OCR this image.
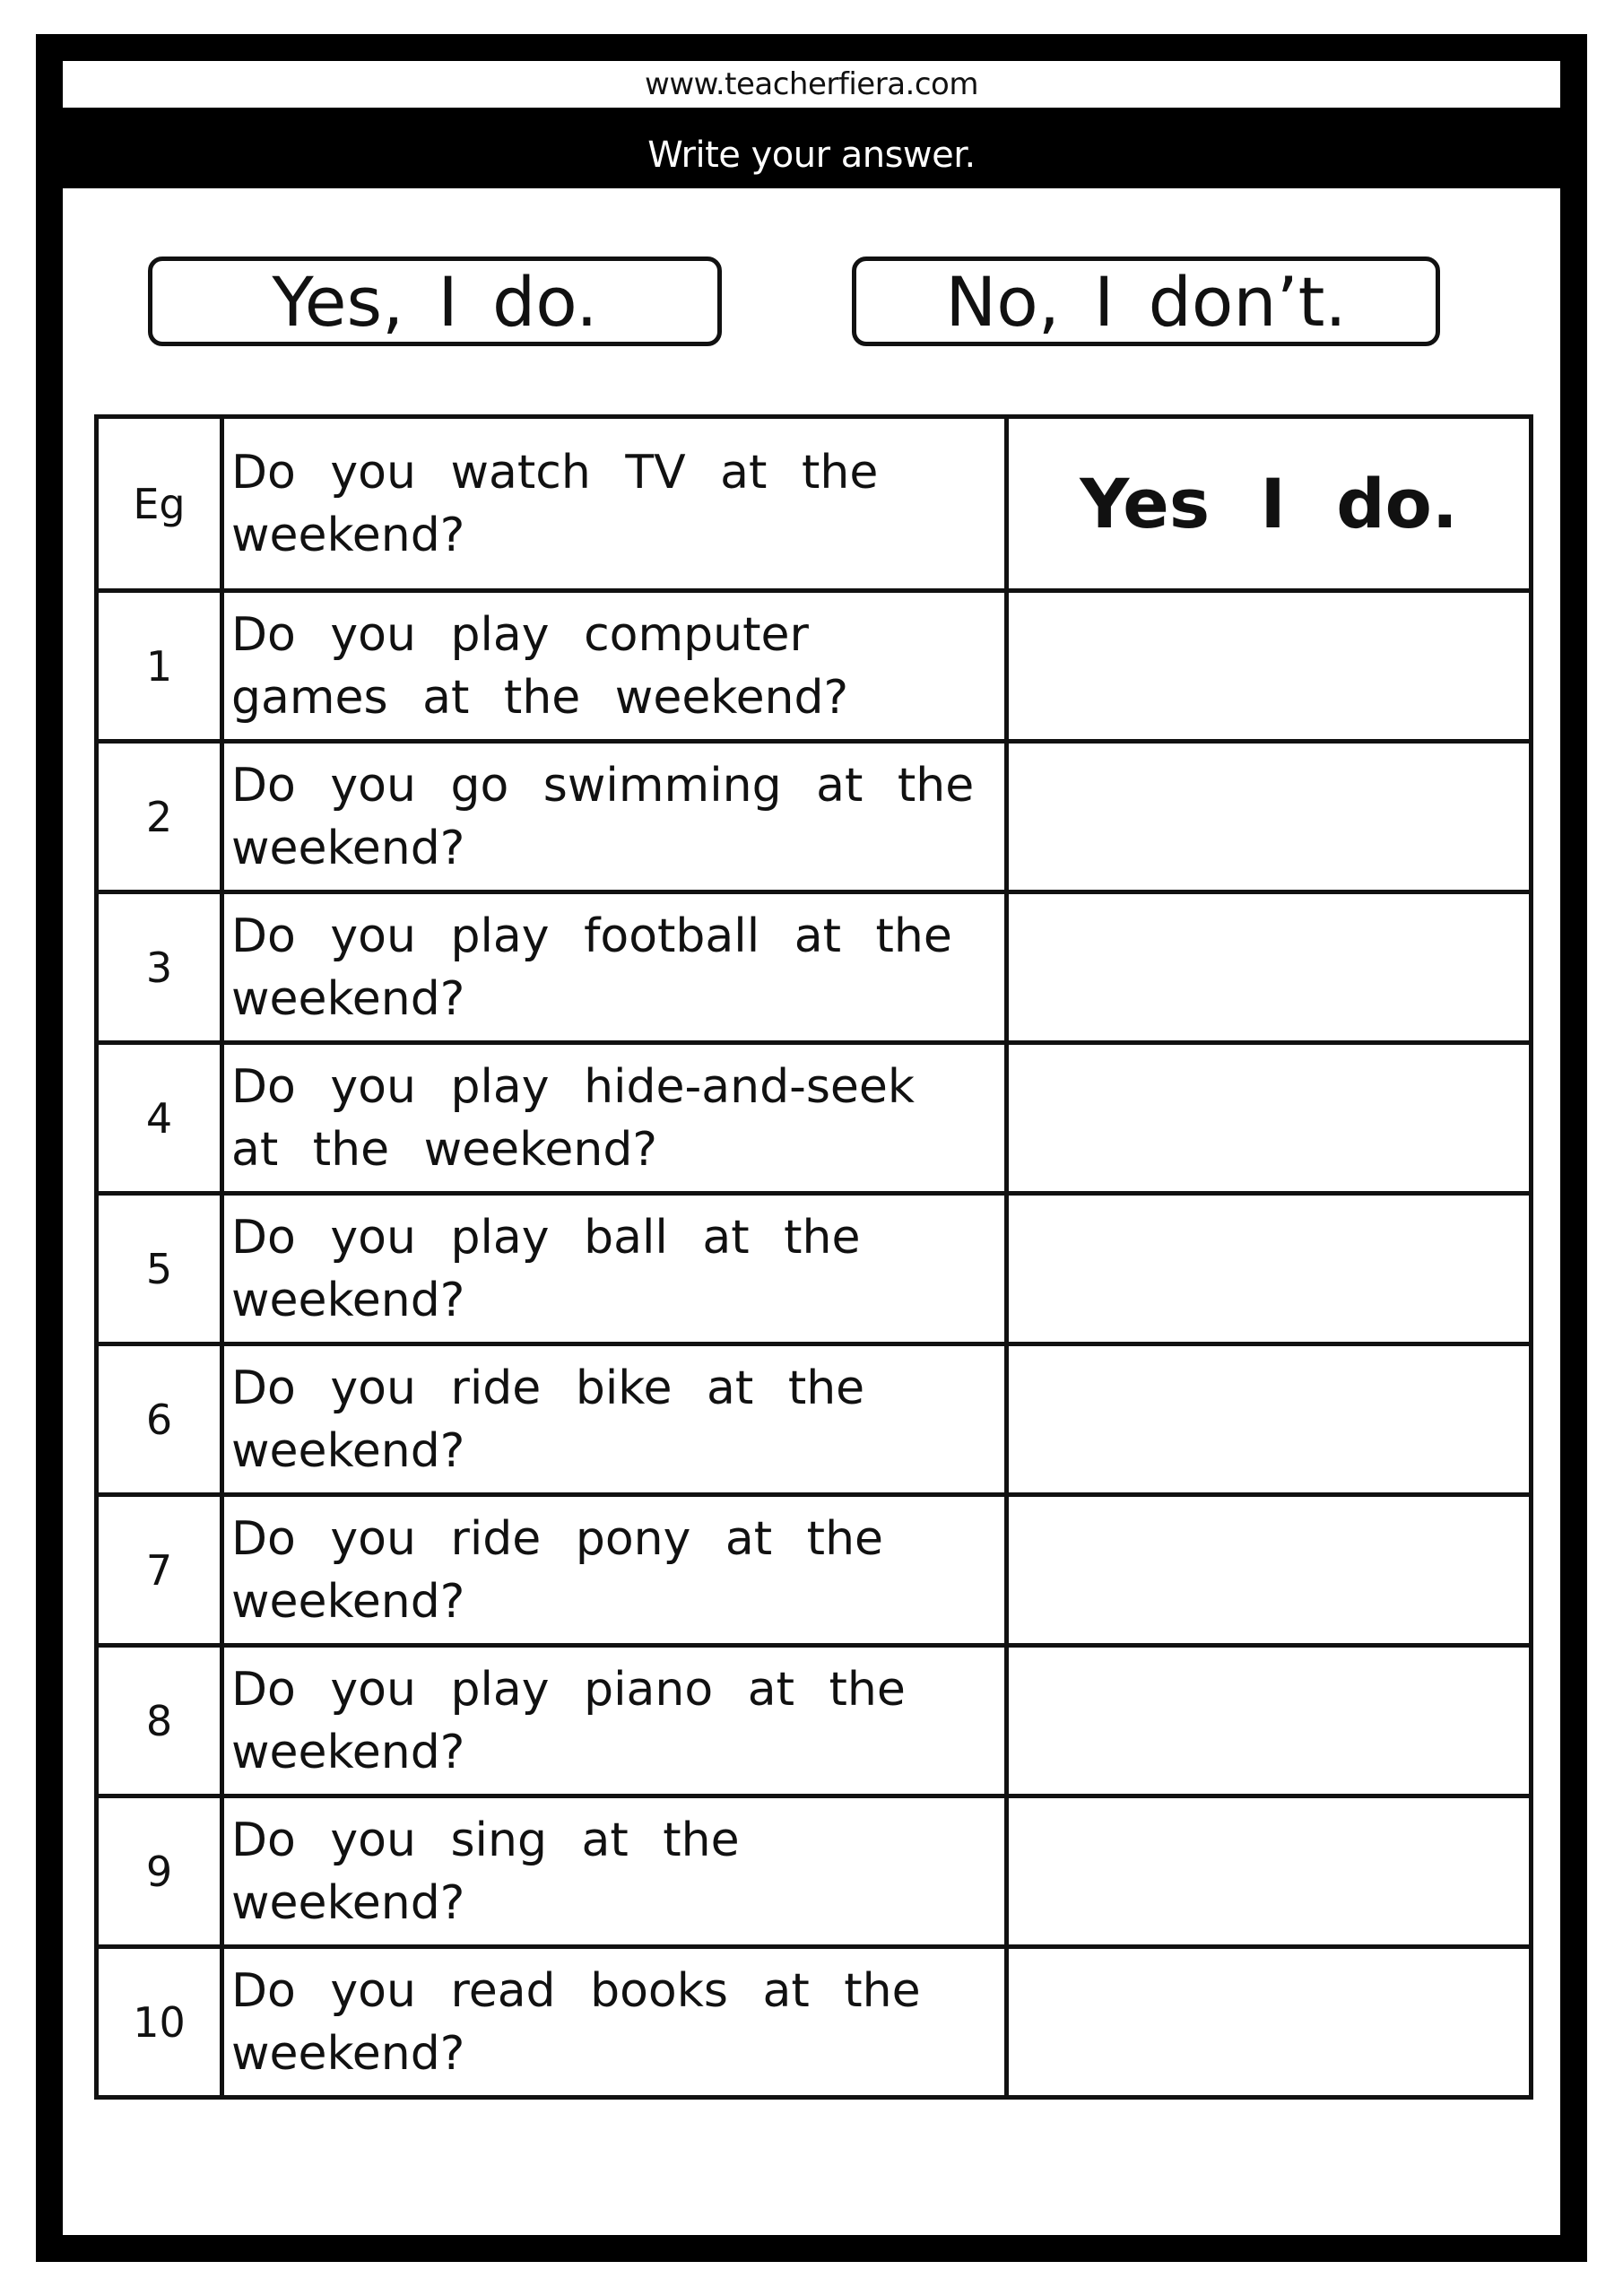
www.teacherfiera.com
Write your answer.
Yes, I do.	No, I don’t.
Eg	Do you watch TV at the weekend?	Yes I do.
1	Do you play computer games at the weekend?	
2	Do you go swimming at the weekend?	
3	Do you play football at the weekend?	
4	Do you play hide-and-seek at the weekend?	
5	Do you play ball at the weekend?	
6	Do you ride bike at the weekend?	
7	Do you ride pony at the weekend?	
8	Do you play piano at the weekend?	
9	Do you sing at the weekend?	
10	Do you read books at the weekend?	
